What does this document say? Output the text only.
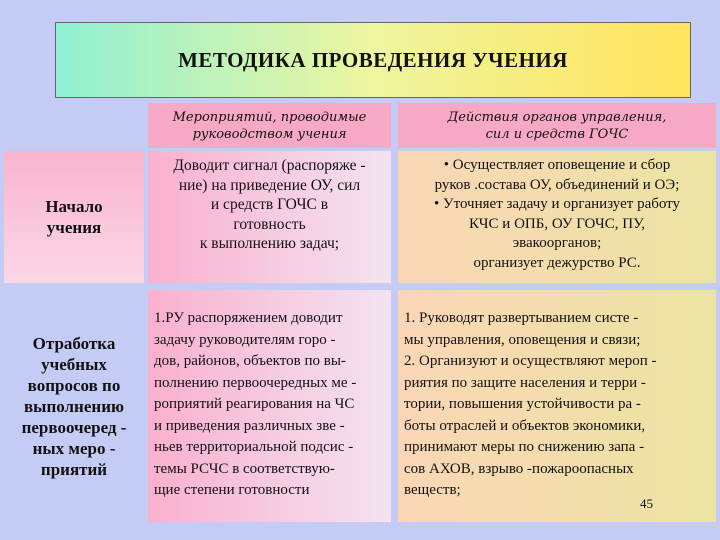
МЕТОДИКА ПРОВЕДЕНИЯ УЧЕНИЯ
Мероприятий, проводимые
руководством учения
Действия органов управления,
сил и средств ГОЧС
Начало
учения
Доводит сигнал (распоряже -
ние) на приведение ОУ, сил
и средств ГОЧС в
готовность
к выполнению задач;
• Осуществляет оповещение и сбор
руков .состава ОУ, объединений и ОЭ;
• Уточняет задачу и организует работу
КЧС и ОПБ, ОУ ГОЧС, ПУ,
эвакоорганов;
организует дежурство РС.
Отработка
учебных
вопросов по
выполнению
первоочеред -
ных меро -
приятий
1.РУ распоряжением доводит
задачу руководителям горо -
дов, районов, объектов по вы-
полнению первоочередных ме -
роприятий реагирования на ЧС
и приведения различных зве -
ньев территориальной подсис -
темы РСЧС в соответствую-
щие степени готовности
1. Руководят развертыванием систе -
мы управления, оповещения и связи;
2. Организуют и осуществляют мероп -
риятия по защите населения и терри -
тории, повышения устойчивости ра -
боты отраслей и объектов экономики,
принимают меры по снижению запа -
сов АХОВ, взрыво -пожароопасных
веществ;
45
